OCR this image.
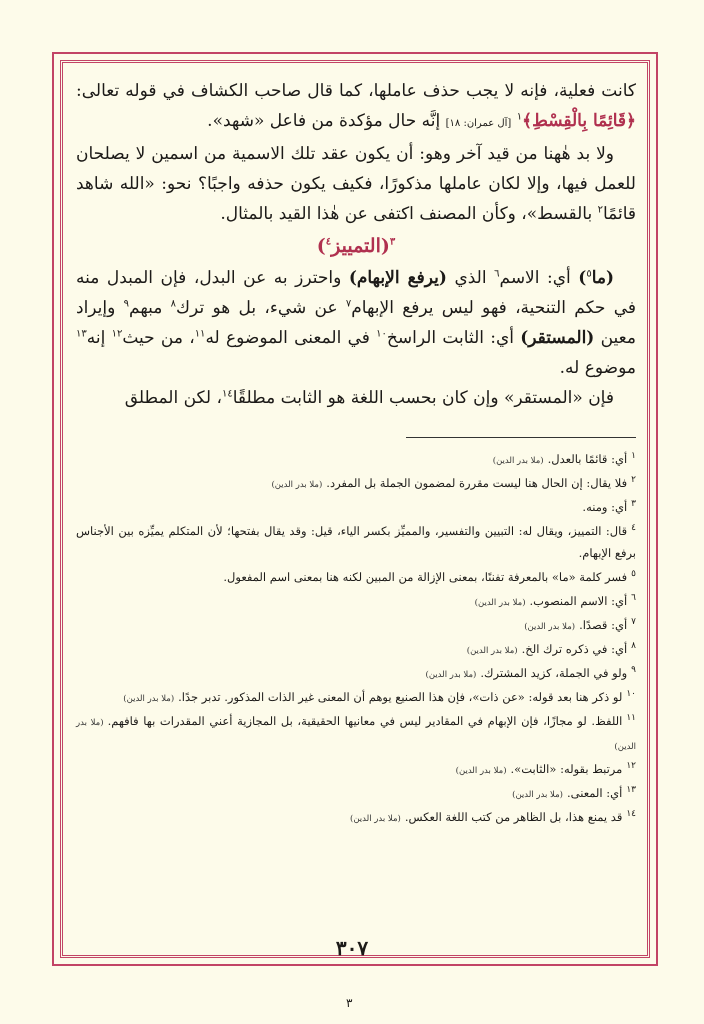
كانت فعلية، فإنه لا يجب حذف عاملها، كما قال صاحب الكشاف في قوله تعالى: ﴿قَائِمًا بِالْقِسْطِ﴾$^١$ [آل عمران: ١٨] إنَّه حال مؤكدة من فاعل «شهد».

ولا بد هٰهنا من قيد آخر وهو: أن يكون عقد تلك الاسمية من اسمين لا يصلحان للعمل فيها، وإلا لكان عاملها مذكورًا، فكيف يكون حذفه واجبًا؟ نحو: «الله شاهد قائمًا$^٢$ بالقسط»، وكأن المصنف اكتفى عن هٰذا القيد بالمثال.

$^٣$(التمييز$^٤$)

(ما$^٥$) أي: الاسم$^٦$ الذي (يرفع الإبهام) واحترز به عن البدل، فإن المبدل منه في حكم التنحية، فهو ليس يرفع الإبهام$^٧$ عن شيء، بل هو ترك$^٨$ مبهم$^٩$ وإيراد معين (المستقر) أي: الثابت الراسخ$^{١٠}$ في المعنى الموضوع له$^{١١}$، من حيث$^{١٢}$ إنه$^{١٣}$ موضوع له.

فإن «المستقر» وإن كان بحسب اللغة هو الثابت مطلقًا$^{١٤}$، لكن المطلق

$^١$أي: قائمًا بالعدل.(ملا بدر الدين)

$^٢$فلا يقال: إن الحال هنا ليست مقررة لمضمون الجملة بل المفرد.(ملا بدر الدين)

$^٣$أي: ومنه.

$^٤$قال: التمييز، ويقال له: التبيين والتفسير، والمميِّز بكسر الياء، قيل: وقد يقال بفتحها؛ لأن المتكلم يميِّزه بين الأجناس برفع الإبهام.

$^٥$فسر كلمة «ما» بالمعرفة تفننًا، بمعنى الإزالة من المبين لكنه هنا بمعنى اسم المفعول.

$^٦$أي: الاسم المنصوب.(ملا بدر الدين)

$^٧$أي: قصدًا.(ملا بدر الدين)

$^٨$أي: في ذكره ترك الخ.(ملا بدر الدين)

$^٩$ولو في الجملة، كزيد المشترك.(ملا بدر الدين)

$^{١٠}$لو ذكر هنا بعد قوله: «عن ذات»، فإن هذا الصنيع يوهم أن المعنى غير الذات المذكور. تدبر جدًا.(ملا بدر الدين)

$^{١١}$اللفظ. لو مجازًا، فإن الإبهام في المقادير ليس في معانيها الحقيقية، بل المجازية أعني المقدرات بها فافهم.(ملا بدر الدين)

$^{١٢}$مرتبط بقوله: «الثابت».(ملا بدر الدين)

$^{١٣}$أي: المعنى.(ملا بدر الدين)

$^{١٤}$قد يمنع هذا، بل الظاهر من كتب اللغة العكس.(ملا بدر الدين)

٣٠٧
٣
